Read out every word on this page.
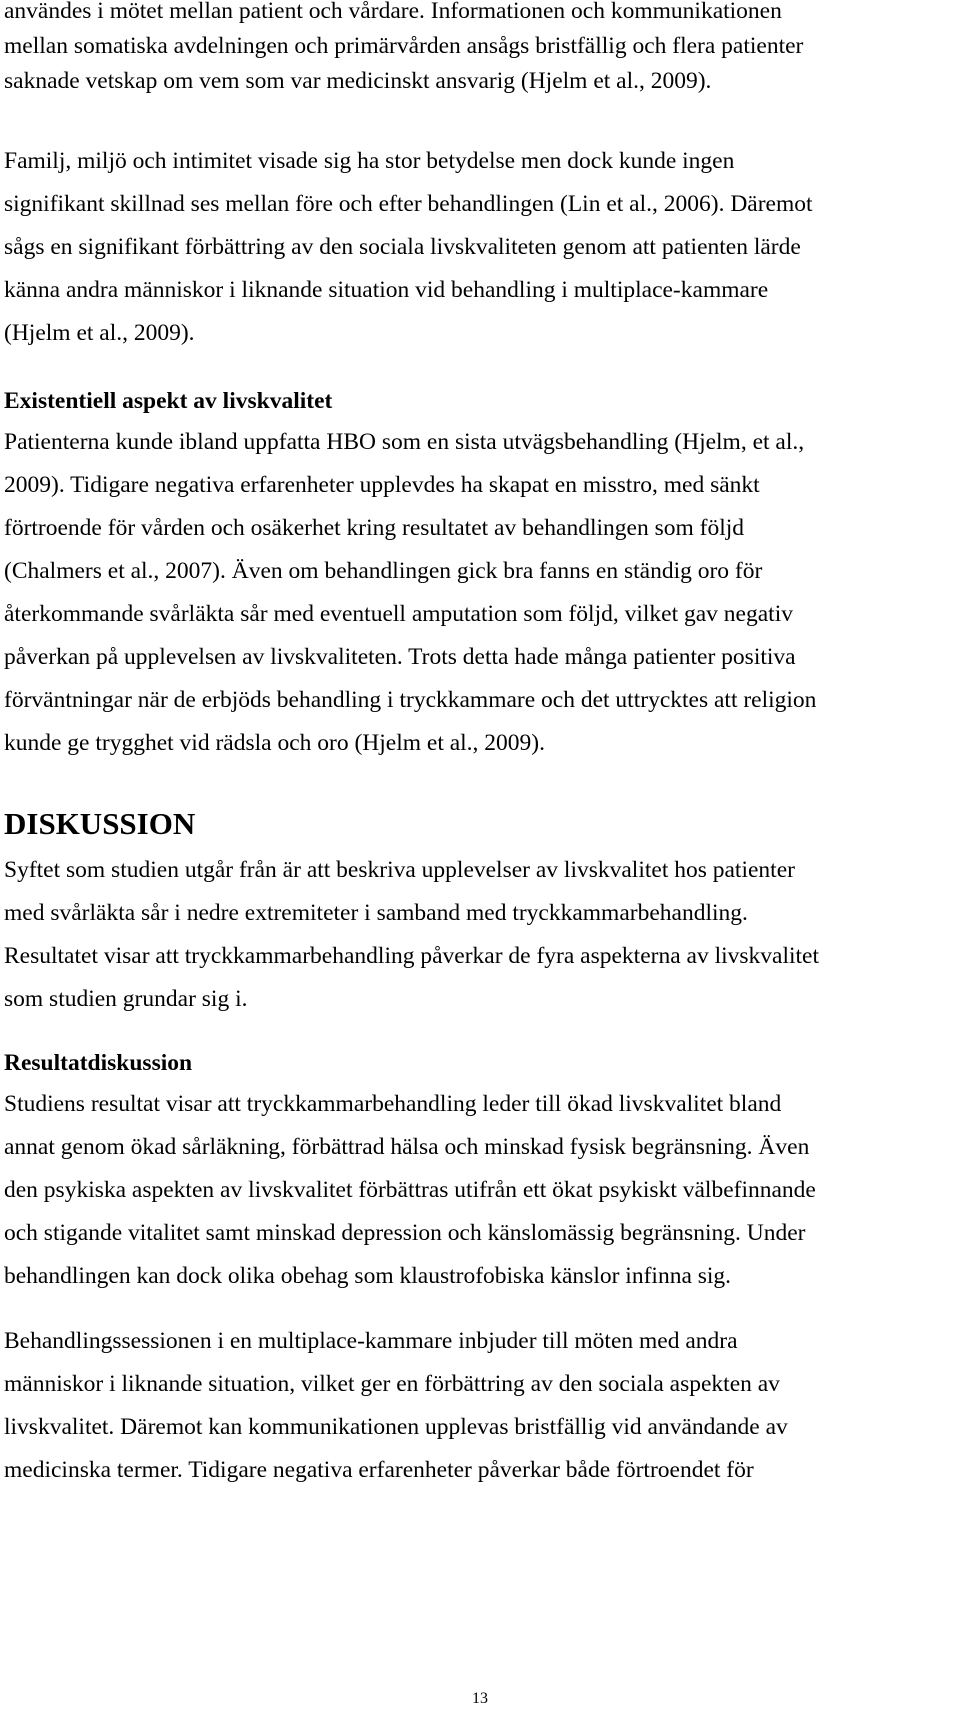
användes i mötet mellan patient och vårdare. Informationen och kommunikationen
mellan somatiska avdelningen och primärvården ansågs bristfällig och flera patienter
saknade vetskap om vem som var medicinskt ansvarig (Hjelm et al., 2009).
Familj, miljö och intimitet visade sig ha stor betydelse men dock kunde ingen
signifikant skillnad ses mellan före och efter behandlingen (Lin et al., 2006). Däremot
sågs en signifikant förbättring av den sociala livskvaliteten genom att patienten lärde
känna andra människor i liknande situation vid behandling i multiplace-kammare
(Hjelm et al., 2009).
Existentiell aspekt av livskvalitet
Patienterna kunde ibland uppfatta HBO som en sista utvägsbehandling (Hjelm, et al.,
2009). Tidigare negativa erfarenheter upplevdes ha skapat en misstro, med sänkt
förtroende för vården och osäkerhet kring resultatet av behandlingen som följd
(Chalmers et al., 2007). Även om behandlingen gick bra fanns en ständig oro för
återkommande svårläkta sår med eventuell amputation som följd, vilket gav negativ
påverkan på upplevelsen av livskvaliteten. Trots detta hade många patienter positiva
förväntningar när de erbjöds behandling i tryckkammare och det uttrycktes att religion
kunde ge trygghet vid rädsla och oro (Hjelm et al., 2009).
DISKUSSION
Syftet som studien utgår från är att beskriva upplevelser av livskvalitet hos patienter
med svårläkta sår i nedre extremiteter i samband med tryckkammarbehandling.
Resultatet visar att tryckkammarbehandling påverkar de fyra aspekterna av livskvalitet
som studien grundar sig i.
Resultatdiskussion
Studiens resultat visar att tryckkammarbehandling leder till ökad livskvalitet bland
annat genom ökad sårläkning, förbättrad hälsa och minskad fysisk begränsning. Även
den psykiska aspekten av livskvalitet förbättras utifrån ett ökat psykiskt välbefinnande
och stigande vitalitet samt minskad depression och känslomässig begränsning. Under
behandlingen kan dock olika obehag som klaustrofobiska känslor infinna sig.
Behandlingssessionen i en multiplace-kammare inbjuder till möten med andra
människor i liknande situation, vilket ger en förbättring av den sociala aspekten av
livskvalitet. Däremot kan kommunikationen upplevas bristfällig vid användande av
medicinska termer. Tidigare negativa erfarenheter påverkar både förtroendet för
13
